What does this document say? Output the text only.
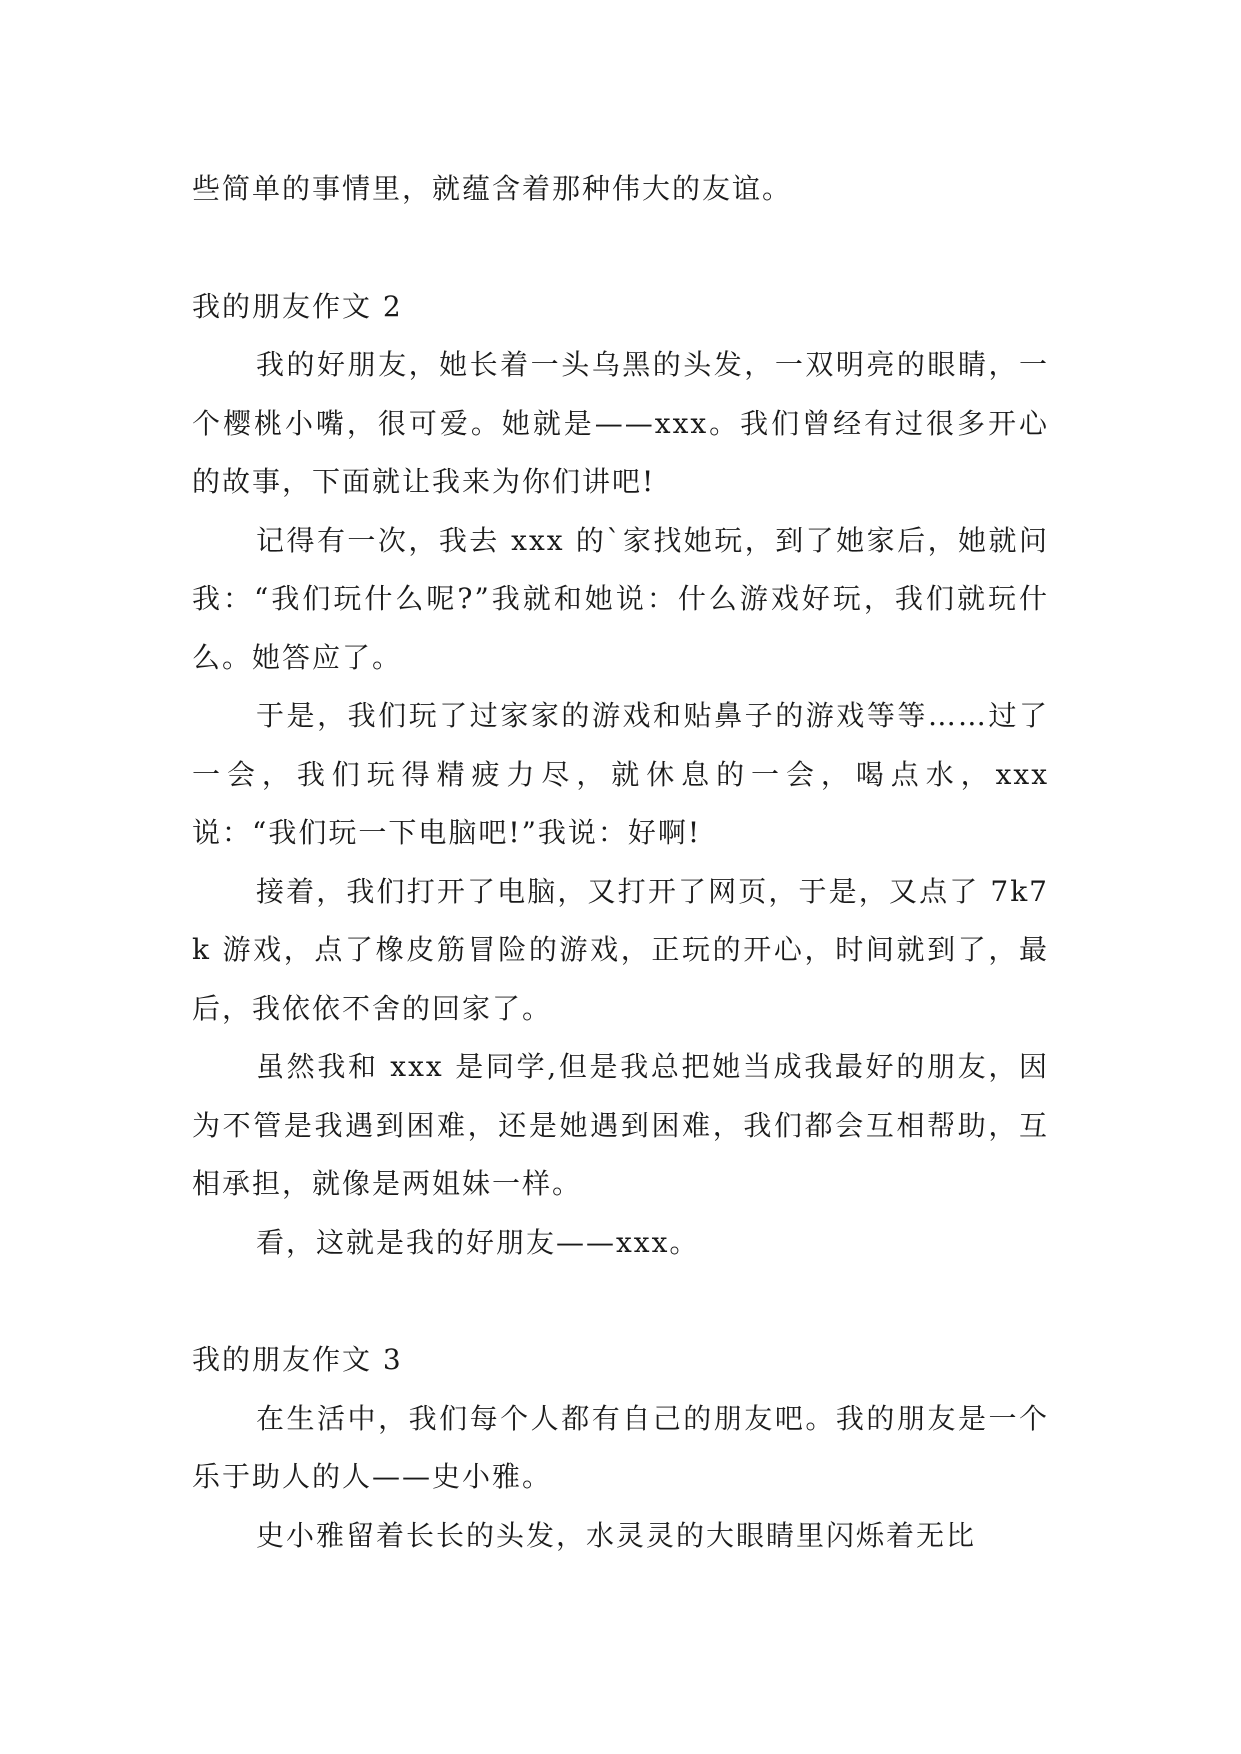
些简单的事情里，就蕴含着那种伟大的友谊。

我的朋友作文 2

我的好朋友，她长着一头乌黑的头发，一双明亮的眼睛，一个樱桃小嘴，很可爱。她就是——xxx。我们曾经有过很多开心的故事，下面就让我来为你们讲吧!

记得有一次，我去 xxx 的`家找她玩，到了她家后，她就问我：“我们玩什么呢?”我就和她说：什么游戏好玩，我们就玩什么。她答应了。

于是，我们玩了过家家的游戏和贴鼻子的游戏等等……过了一会，我们玩得精疲力尽，就休息的一会，喝点水，xxx 说：“我们玩一下电脑吧!”我说：好啊!

接着，我们打开了电脑，又打开了网页，于是，又点了 7k7k 游戏，点了橡皮筋冒险的游戏，正玩的开心，时间就到了，最后，我依依不舍的回家了。

虽然我和 xxx 是同学,但是我总把她当成我最好的朋友，因为不管是我遇到困难，还是她遇到困难，我们都会互相帮助，互相承担，就像是两姐妹一样。

看，这就是我的好朋友——xxx。

我的朋友作文 3

在生活中，我们每个人都有自己的朋友吧。我的朋友是一个乐于助人的人——史小雅。

史小雅留着长长的头发，水灵灵的大眼睛里闪烁着无比
